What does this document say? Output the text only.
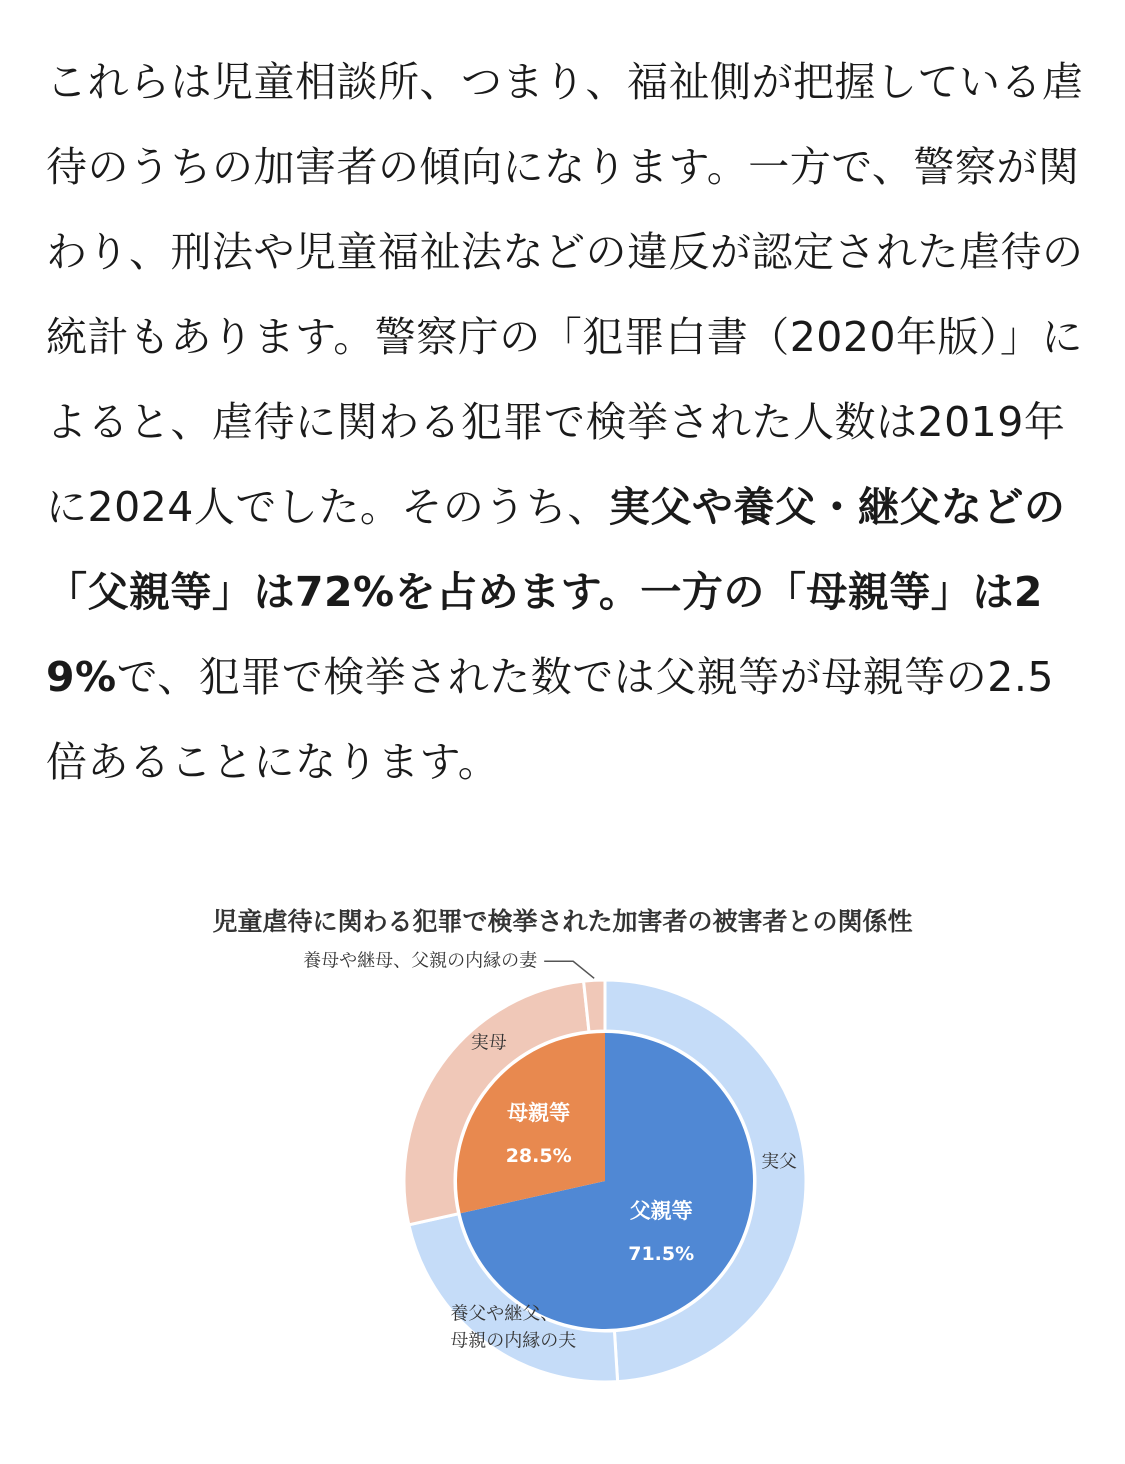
これらは児童相談所、つまり、福祉側が把握している虐待のうちの加害者の傾向になります。一方で、警察が関わり、刑法や児童福祉法などの違反が認定された虐待の統計もあります。警察庁の「犯罪白書（2020年版）」によると、虐待に関わる犯罪で検挙された人数は2019年に2024人でした。そのうち、実父や養父・継父などの「父親等」は72%を占めます。一方の「母親等」は29%で、犯罪で検挙された数では父親等が母親等の2.5倍あることになります。

児童虐待に関わる犯罪で検挙された加害者の被害者との関係性
父親等
71.5%
母親等
28.5%	実父
養父や継父、
母親の内縁の夫
実母
養母や継母、父親の内縁の妻
